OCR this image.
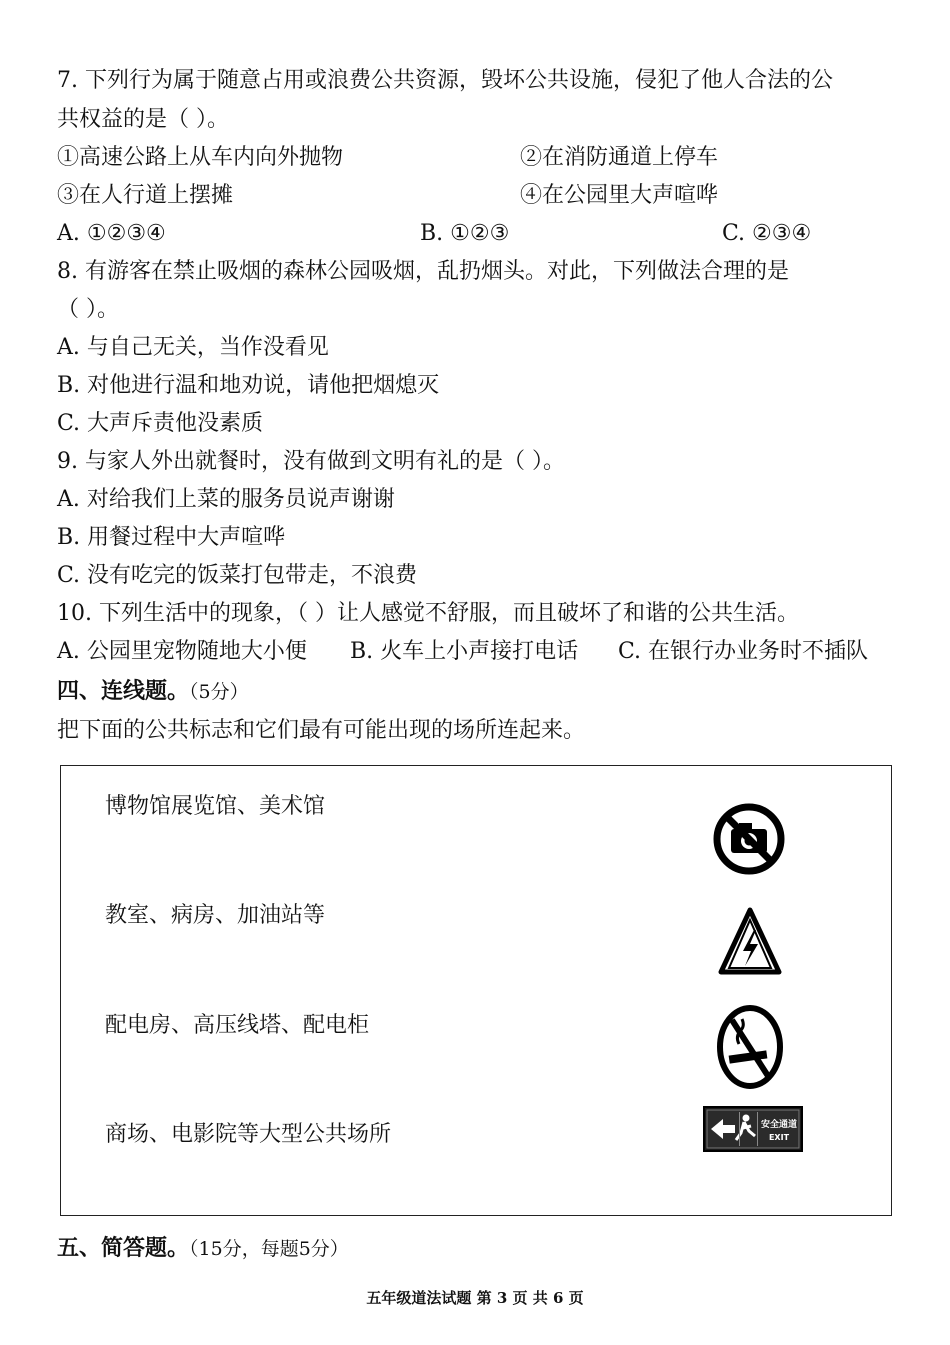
7. 下列行为属于随意占用或浪费公共资源，毁坏公共设施，侵犯了他人合法的公
共权益的是（ ）。
①高速公路上从车内向外抛物	②在消防通道上停车
③在人行道上摆摊	④在公园里大声喧哗
A. ①②③④	B. ①②③	C. ②③④
8. 有游客在禁止吸烟的森林公园吸烟，乱扔烟头。对此，下列做法合理的是
（ ）。
A. 与自己无关，当作没看见
B. 对他进行温和地劝说，请他把烟熄灭
C. 大声斥责他没素质
9. 与家人外出就餐时，没有做到文明有礼的是（ ）。
A. 对给我们上菜的服务员说声谢谢
B. 用餐过程中大声喧哗
C. 没有吃完的饭菜打包带走，不浪费
10. 下列生活中的现象，（ ）让人感觉不舒服，而且破坏了和谐的公共生活。
A. 公园里宠物随地大小便 B. 火车上小声接打电话 C. 在银行办业务时不插队
四、连线题。（5分）
把下面的公共标志和它们最有可能出现的场所连起来。
博物馆展览馆、美术馆
教室、病房、加油站等
配电房、高压线塔、配电柜
商场、电影院等大型公共场所	安全通道
EXIT
五、简答题。（15分，每题5分）
五年级道法试题 第 3 页 共 6 页
